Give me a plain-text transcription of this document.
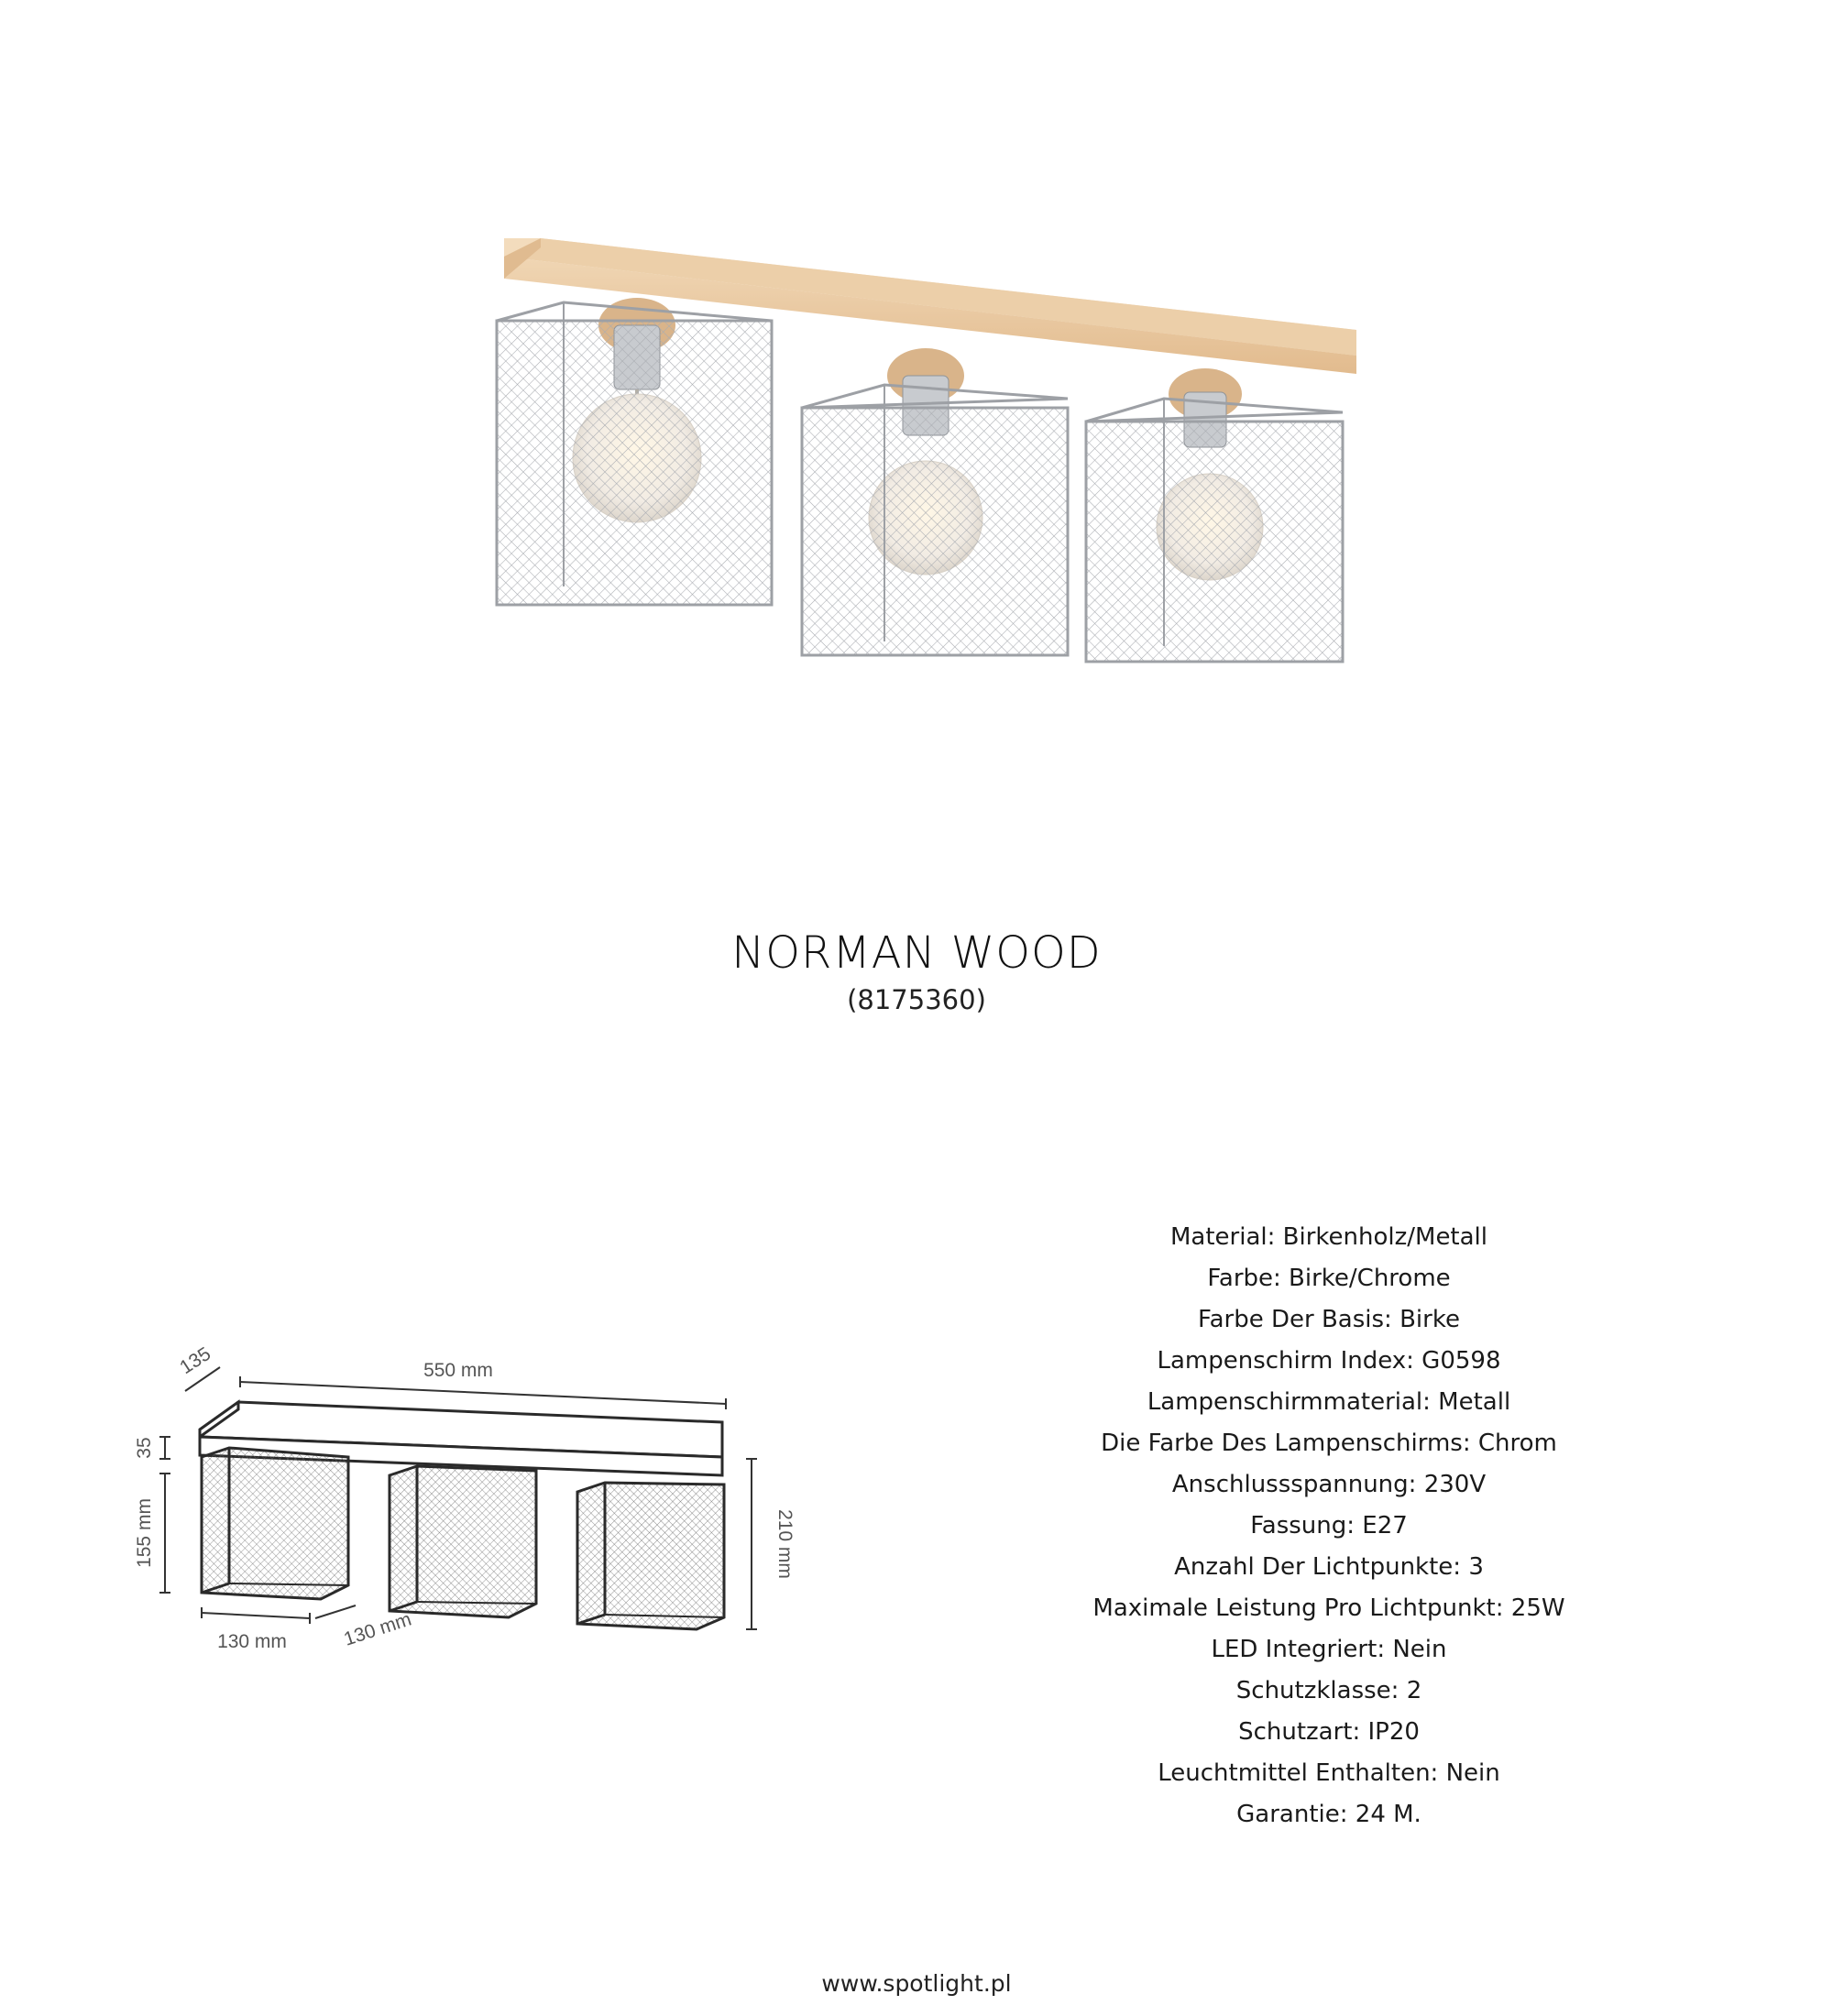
NORMAN WOOD
(8175360)
550 mm
135
35
155 mm	210 mm
130 mm	130 mm
Material: Birkenholz/Metall
Farbe: Birke/Chrome
Farbe Der Basis: Birke
Lampenschirm Index: G0598
Lampenschirmmaterial: Metall
Die Farbe Des Lampenschirms: Chrom
Anschlussspannung: 230V
Fassung: E27
Anzahl Der Lichtpunkte: 3
Maximale Leistung Pro Lichtpunkt: 25W
LED Integriert: Nein
Schutzklasse: 2
Schutzart: IP20
Leuchtmittel Enthalten: Nein
Garantie: 24 M.
www.spotlight.pl
